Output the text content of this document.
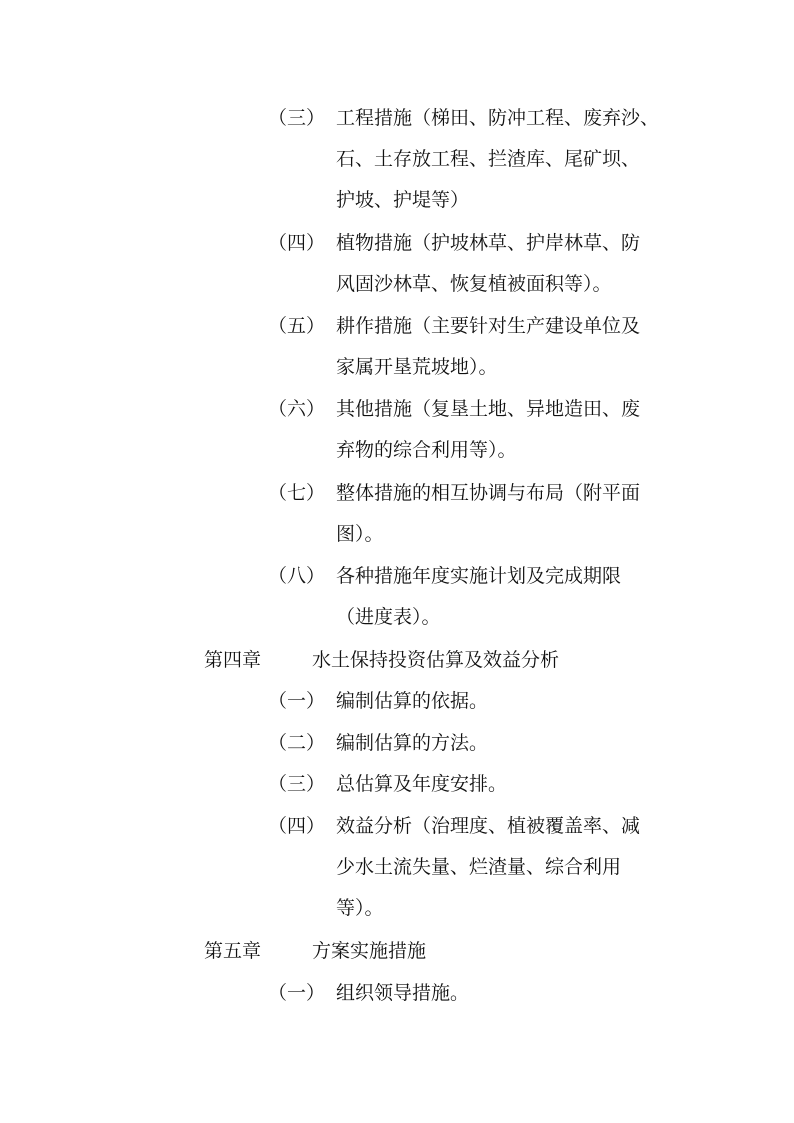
（三） 工程措施（梯田、防冲工程、废弃沙、
石、土存放工程、拦渣库、尾矿坝、
护坡、护堤等）
（四） 植物措施（护坡林草、护岸林草、防
风固沙林草、恢复植被面积等）。
（五） 耕作措施（主要针对生产建设单位及
家属开垦荒坡地）。
（六） 其他措施（复垦土地、异地造田、废
弃物的综合利用等）。
（七） 整体措施的相互协调与布局（附平面
图）。
（八） 各种措施年度实施计划及完成期限
（进度表）。
第四章	水土保持投资估算及效益分析
（一） 编制估算的依据。
（二） 编制估算的方法。
（三） 总估算及年度安排。
（四） 效益分析（治理度、植被覆盖率、减
少水土流失量、烂渣量、综合利用
等）。
第五章	方案实施措施
（一） 组织领导措施。
